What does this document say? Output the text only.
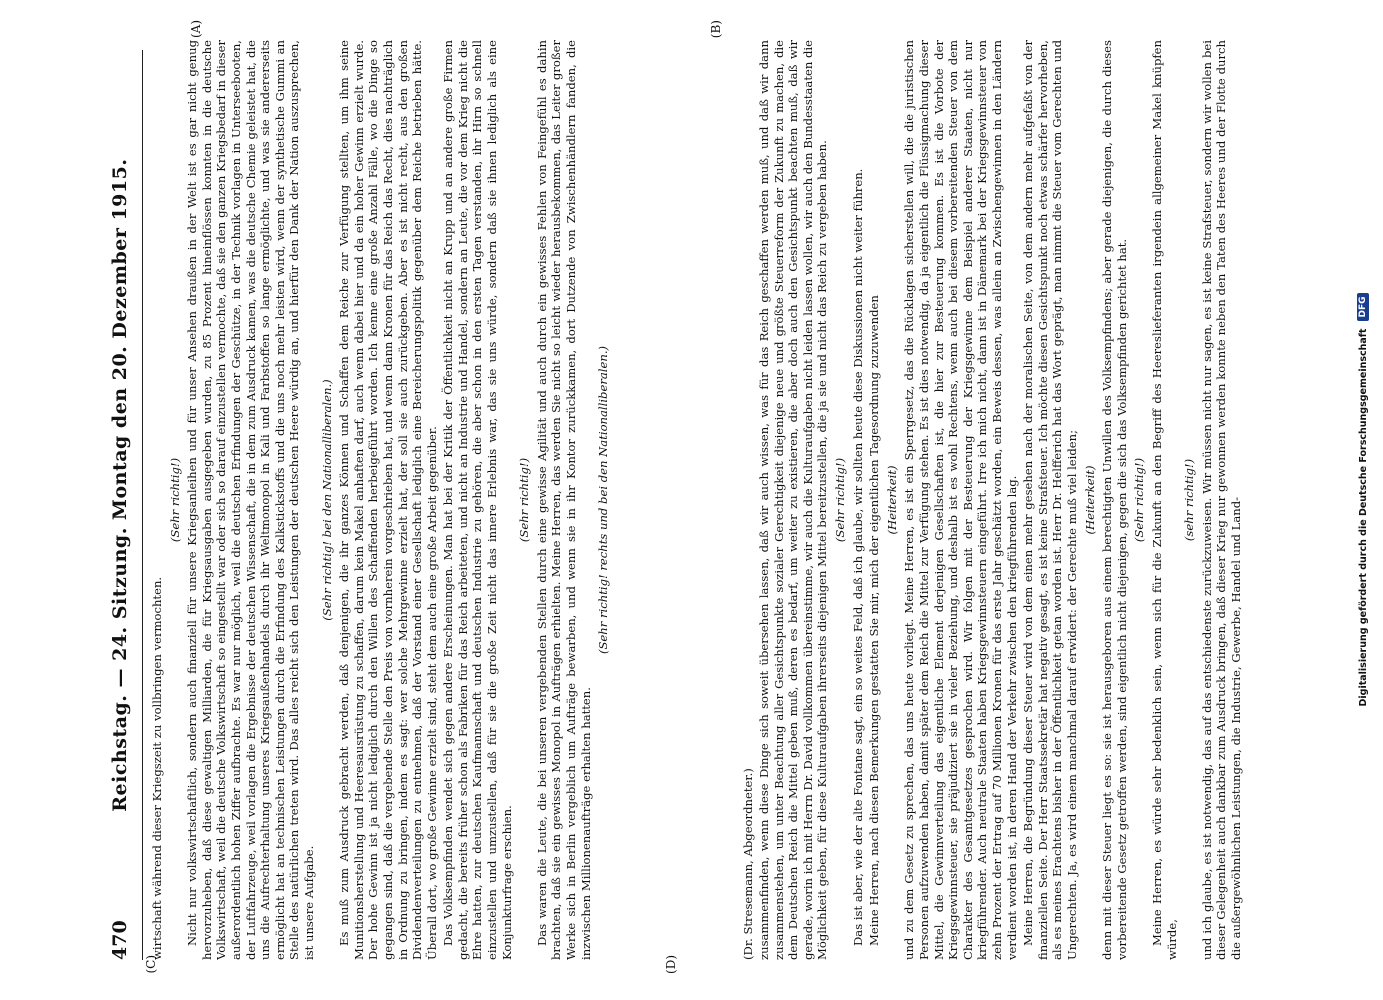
Digitalisierung gefördert durch die Deutsche Forschungsgemeinschaft
DFG

(Dr. Stresemann, Abgeordneter.) zusammenfinden, wenn diese Dinge sich soweit übersehen lassen, daß wir auch wissen, was für das Reich geschaffen werden muß, und daß wir dann zusammenstehen, um unter Beachtung aller Gesichtspunkte sozialer Gerechtigkeit diejenige neue und größte Steuerreform der Zukunft zu machen, die dem Deutschen Reich die Mittel geben muß, deren es bedarf, um weiter zu existieren, die aber doch auch den Gesichtspunkt beachten muß, daß wir gerade, worin ich mit Herrn Dr. David vollkommen übereinstimme, wir auch die Kulturaufgaben nicht leiden lassen wollen, wir auch den Bundesstaaten die Möglichkeit geben, für diese Kulturaufgaben ihrerseits diejenigen Mittel bereitzustellen, die ja sie und nicht das Reich zu vergeben haben. (Sehr richtig!) Das ist aber, wie der alte Fontane sagt, ein so weites Feld, daß ich glaube, wir sollten heute diese Diskussionen nicht weiter führen. Meine Herren, nach diesen Bemerkungen gestatten Sie mir, mich der eigentlichen Tagesordnung zuzuwenden (Heiterkeit) und zu dem Gesetz zu sprechen, das uns heute vorliegt. Meine Herren, es ist ein Sperrgesetz, das die Rücklagen sicherstellen will, die die juristischen Personen aufzuwenden haben, damit später dem Reich die Mittel zur Verfügung stehen. Es ist dies notwendig, da ja eigentlich die Flüssigmachung dieser Mittel, die Gewinnverteilung das eigentliche Element derjenigen Gesellschaften ist, die hier zur Besteuerung kommen. Es ist die Vorbote der Kriegsgewinnsteuer, sie präjudiziert sie in vieler Beziehung, und deshalb ist es wohl Rechtens, wenn auch bei diesem vorbereitenden Steuer von dem Charakter des Gesamtgesetzes gesprochen wird. Wir folgen mit der Besteuerung der Kriegsgewinne dem Beispiel anderer Staaten, nicht nur kriegführender. Auch neutrale Staaten haben Kriegsgewinnsteuern eingeführt. Irre ich mich nicht, dann ist in Dänemark bei der Kriegsgewinnsteuer von zehn Prozent der Ertrag auf 70 Millionen Kronen für das erste Jahr geschätzt worden, ein Beweis dessen, was allein an Zwischengewinnen in den Ländern verdient worden ist, in deren Hand der Verkehr zwischen den kriegführenden lag. Meine Herren, die Begründung dieser Steuer wird von dem einen mehr gesehen nach der moralischen Seite, von dem andern mehr aufgefaßt von der finanziellen Seite. Der Herr Staatssekretär hat negativ gesagt, es ist keine Strafsteuer. Ich möchte diesen Gesichtspunkt noch etwas schärfer hervorheben, als es meines Erachtens bisher in der Öffentlichkeit getan worden ist. Herr Dr. Helfferich hat das Wort geprägt, man nimmt die Steuer vom Gerechten und Ungerechten. Ja, es wird einem manchmal darauf erwidert: der Gerechte muß viel leiden; (Heiterkeit) denn mit dieser Steuer liegt es so: sie ist herausgeboren aus einem berechtigten Unwillen des Volksempfindens; aber gerade diejenigen, die durch dieses vorbereitende Gesetz getroffen werden, sind eigentlich nicht diejenigen, gegen die sich das Volksempfinden gerichtet hat. (Sehr richtig!) Meine Herren, es würde sehr bedenklich sein, wenn sich für die Zukunft an den Begriff des Heereslieferanten irgendein allgemeiner Makel knüpfen würde,

(sehr richtig!) und ich glaube, es ist notwendig, das auf das entschiedenste zurückzuweisen. Wir müssen nicht nur sagen, es ist keine Strafsteuer, sondern wir wollen bei dieser Gelegenheit auch dankbar zum Ausdruck bringen, daß dieser Krieg nur gewonnen werden konnte neben den Taten des Heeres und der Flotte durch die außergewöhnlichen Leistungen, die Industrie, Gewerbe, Handel und Land-

wirtschaft während dieser Kriegszeit zu vollbringen vermochten.

(Sehr richtig!) Nicht nur volkswirtschaftlich, sondern auch finanziell für unsere Kriegsanleihen und für unser Ansehen draußen in der Welt ist es gar nicht genug hervorzuheben, daß diese gewaltigen Milliarden, die für Kriegsausgaben ausgegeben wurden, zu 85 Prozent hineinflössen konnten in die deutsche Volkswirtschaft, weil die deutsche Volkswirtschaft so eingestellt war oder sich so darauf einzustellen vermochte, daß sie den ganzen Kriegsbedarf in dieser außerordentlich hohen Ziffer aufbrachte. Es war nur möglich, weil die deutschen Erfindungen der Geschütze, in der Technik vorlagen in Unterseebooten, der Luftfahrzeuge, weil vorlagen die Ergebnisse der deutschen Wissenschaft, die in dem zum Ausdruck kamen, was die deutsche Chemie geleistet hat, die uns die Aufrechterhaltung unseres Kriegsaußenhandels durch ihr Weltmonopol in Kali und Farbstoffen so lange ermöglichte, und was sie andererseits ermöglicht hat an technischen Leistungen durch die Erfindung des Kalkstickstoffs und die uns noch mehr leisten wird, wenn der synthetische Gummi an Stelle des natürlichen treten wird. Das alles reicht sich den Leistungen der deutschen Heere würdig an, und hierfür den Dank der Nation auszusprechen, ist unsere Aufgabe.

(Sehr richtig! bei den Nationalliberalen.) Es muß zum Ausdruck gebracht werden, daß denjenigen, die ihr ganzes Können und Schaffen dem Reiche zur Verfügung stellten, um ihm seine Munitionsherstellung und Heeresausrüstung zu schaffen, darum kein Makel anhaften darf, auch wenn dabei hier und da ein hoher Gewinn erzielt wurde. Der hohe Gewinn ist ja nicht lediglich durch den Willen des Schaffenden herbeigeführt worden. Ich kenne eine große Anzahl Fälle, wo die Dinge so gegangen sind, daß die vergebende Stelle den Preis von vornherein vorgeschrieben hat, und wenn dann Kronen für das Reich das Recht, dies nachträglich in Ordnung zu bringen, indem es sagt: wer solche Mehrgewinne erzielt hat, der soll sie auch zurückgeben. Aber es ist nicht recht, aus den großen Dividendenverteilungen zu entnehmen, daß der Vorstand einer Gesellschaft lediglich eine Bereicherungspolitik gegenüber dem Reiche betrieben hätte. Überall dort, wo große Gewinne erzielt sind, steht dem auch eine große Arbeit gegenüber. Das Volksempfinden wendet sich gegen andere Erscheinungen. Man hat bei der Kritik der Öffentlichkeit nicht an Krupp und an andere große Firmen gedacht, die bereits früher schon als Fabriken für das Reich arbeiteten, und nicht an Industrie und Handel, sondern an Leute, die vor dem Krieg nicht die Ehre hatten, zur deutschen Kaufmannschaft und deutschen Industrie zu gehören, die aber schon in den ersten Tagen verstanden, ihr Hirn so schnell einzustellen und umzustellen, daß für sie die große Zeit nicht das innere Erlebnis war, das sie uns würde, sondern daß sie ihnen lediglich als eine Konjunkturfrage erschien.

(Sehr richtig!) Das waren die Leute, die bei unseren vergebenden Stellen durch eine gewisse Agilität und auch durch ein gewisses Fehlen von Feingefühl es dahin brachten, daß sie ein gewisses Monopol in Aufträgen erhielten. Meine Herren, das werden Sie nicht so leicht wieder herausbekommen, das Leiter großer Werke sich in Berlin vergeblich um Aufträge bewarben, und wenn sie in ihr Kontor zurückkamen, dort Dutzende von Zwischenhändlern fanden, die inzwischen Millionenaufträge erhalten hatten.

(Sehr richtig! rechts und bei den Nationalliberalen.)

470
Reichstag. — 24. Sitzung. Montag den 20. Dezember 1915.
(A)	(B)
(C)	(D)
